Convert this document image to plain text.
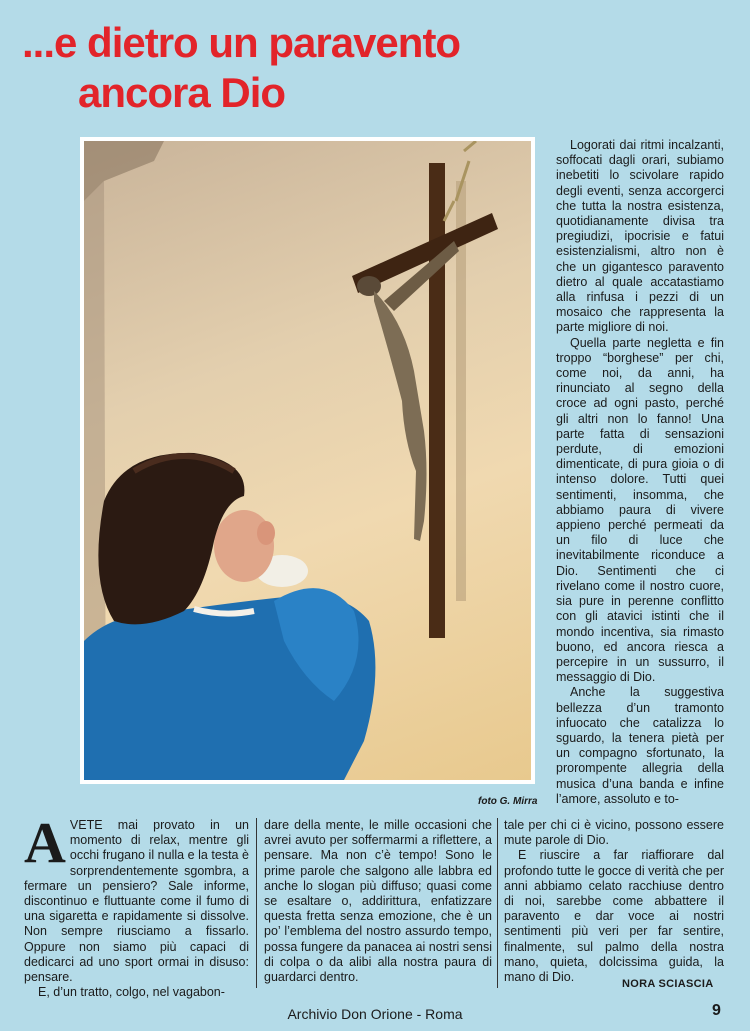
...e dietro un paravento
ancora Dio
foto G. Mirra

Logorati dai ritmi incalzanti, soffocati dagli orari, subiamo inebetiti lo scivolare rapido degli eventi, senza accorgerci che tutta la nostra esistenza, quotidianamente divisa tra pregiudizi, ipocrisie e fatui esistenzialismi, altro non è che un gigantesco paravento dietro al quale accatastiamo alla rinfusa i pezzi di un mosaico che rappresenta la parte migliore di noi.

Quella parte negletta e fin troppo “borghese” per chi, come noi, da anni, ha rinunciato al segno della croce ad ogni pasto, perché gli altri non lo fanno! Una parte fatta di sensazioni perdute, di emozioni dimenticate, di pura gioia o di intenso dolore. Tutti quei sentimenti, insomma, che abbiamo paura di vivere appieno perché permeati da un filo di luce che inevitabilmente riconduce a Dio. Sentimenti che ci rivelano come il nostro cuore, sia pure in perenne conflitto con gli atavici istinti che il mondo incentiva, sia rimasto buono, ed ancora riesca a percepire in un sussurro, il messaggio di Dio.

Anche la suggestiva bellezza d’un tramonto infuocato che catalizza lo sguardo, la tenera pietà per un compagno sfortunato, la prorompente allegria della musica d’una banda e infine l’amore, assoluto e to-

AVETE mai provato in un momento di relax, mentre gli occhi frugano il nulla e la testa è sorprendentemente sgombra, a fermare un pensiero? Sale informe, discontinuo e fluttuante come il fumo di una sigaretta e rapidamente si dissolve. Non sempre riusciamo a fissarlo. Oppure non siamo più capaci di dedicarci ad uno sport ormai in disuso: pensare.

E, d’un tratto, colgo, nel vagabon-

dare della mente, le mille occasioni che avrei avuto per soffermarmi a riflettere, a pensare. Ma non c’è tempo! Sono le prime parole che salgono alle labbra ed anche lo slogan più diffuso; quasi come se esaltare o, addirittura, enfatizzare questa fretta senza emozione, che è un po’ l’emblema del nostro assurdo tempo, possa fungere da panacea ai nostri sensi di colpa o da alibi alla nostra paura di guardarci dentro.
tale per chi ci è vicino, possono essere mute parole di Dio.

E riuscire a far riaffiorare dal profondo tutte le gocce di verità che per anni abbiamo celato racchiuse dentro di noi, sarebbe come abbattere il paravento e dar voce ai nostri sentimenti più veri per far sentire, finalmente, sul palmo della nostra mano, quieta, dolcissima guida, la mano di Dio.	NORA SCIASCIA
Archivio Don Orione - Roma	9
